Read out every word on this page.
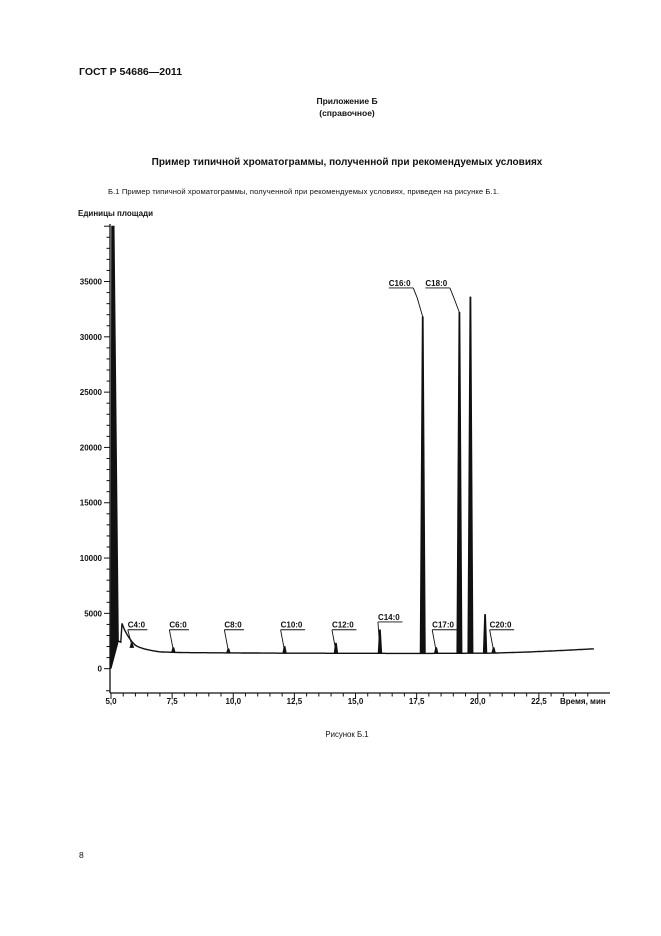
ГОСТ Р 54686—2011
Приложение Б
(справочное)
Пример типичной хроматограммы, полученной при рекомендуемых условиях
Б.1 Пример типичной хроматограммы, полученной при рекомендуемых условиях, приведен на рисунке Б.1.
Единицы площади
Время, мин
0
5000
10000
15000
20000
25000
30000
35000
5,0	7,5	10,0	12,5	15,0	17,5	20,0	22,5
C4:0	C6:0	C8:0	C10:0	C12:0
C14:0
C16:0
C17:0
C18:0
C20:0
Рисунок Б.1
8
